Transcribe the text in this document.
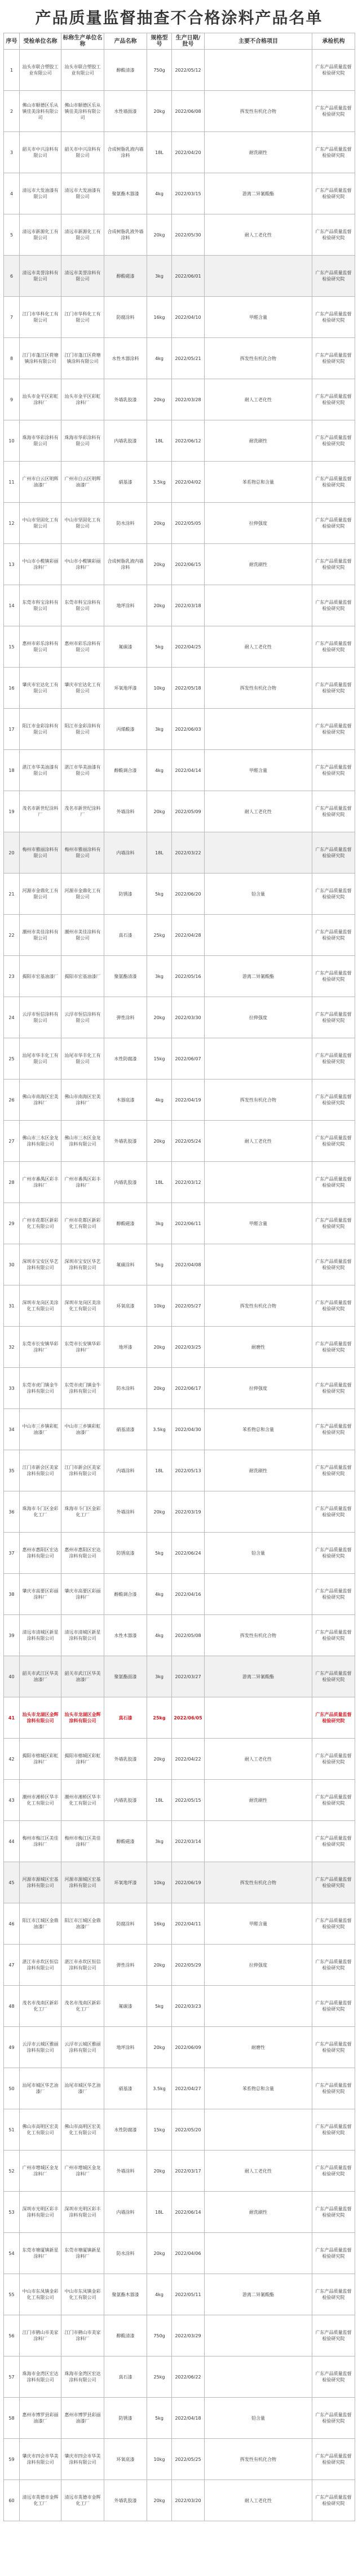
产品质量监督抽查不合格涂料产品名单
序号	受检单位名称	标称生产单位名称	产品名称	规格型号	生产日期/批号	主要不合格项目	承检机构
1	汕头市联合塑胶工业有限公司	汕头市联合塑胶工业有限公司	醇酸清漆	750g	2022/05/12		广东产品质量监督检验研究院
2	佛山市顺德区乐从镇佳美涂料有限公司	佛山市顺德区乐从镇佳美涂料有限公司	水性墙面漆	20kg	2022/06/08	挥发性有机化合物	广东产品质量监督检验研究院
3	韶关市中兴涂料有限公司	韶关市中兴涂料有限公司	合成树脂乳液内墙涂料	18L	2022/04/20	耐洗刷性	广东产品质量监督检验研究院
4	清远市大发油漆有限公司	清远市大发油漆有限公司	聚氨酯木器漆	4kg	2022/03/15	游离二异氰酸酯	广东产品质量监督检验研究院
5	清远市新源化工有限公司	清远市新源化工有限公司	合成树脂乳液外墙涂料	20kg	2022/05/30	耐人工老化性	广东产品质量监督检验研究院
6	清远市美誉涂料有限公司	清远市美誉涂料有限公司	醇酸磁漆	3kg	2022/06/01		广东产品质量监督检验研究院
7	江门市华科化工有限公司	江门市华科化工有限公司	防腐涂料	16kg	2022/04/10	甲醛含量	广东产品质量监督检验研究院
8	江门市蓬江区荷塘镇涂料有限公司	江门市蓬江区荷塘镇涂料有限公司	水性木器涂料	4kg	2022/05/21	挥发性有机化合物	广东产品质量监督检验研究院
9	汕头市金平区彩虹涂料厂	汕头市金平区彩虹涂料厂	外墙乳胶漆	20kg	2022/03/28	耐人工老化性	广东产品质量监督检验研究院
10	珠海市华彩涂料有限公司	珠海市华彩涂料有限公司	内墙乳胶漆	18L	2022/06/12	耐洗刷性	广东产品质量监督检验研究院
11	广州市白云区明辉油漆厂	广州市白云区明辉油漆厂	硝基漆	3.5kg	2022/04/02	苯系物总和含量	广东产品质量监督检验研究院
12	中山市坚固化工有限公司	中山市坚固化工有限公司	防水涂料	20kg	2022/05/05	拉伸强度	广东产品质量监督检验研究院
13	中山市小榄镇彩丽涂料厂	中山市小榄镇彩丽涂料厂	合成树脂乳液内墙涂料	20kg	2022/06/15	耐洗刷性	广东产品质量监督检验研究院
14	东莞市科宝涂料有限公司	东莞市科宝涂料有限公司	地坪涂料	20kg	2022/03/18		广东产品质量监督检验研究院
15	惠州市彩乐涂料有限公司	惠州市彩乐涂料有限公司	氟碳漆	5kg	2022/04/25	耐人工老化性	广东产品质量监督检验研究院
16	肇庆市宏达化工有限公司	肇庆市宏达化工有限公司	环氧地坪漆	10kg	2022/05/18	挥发性有机化合物	广东产品质量监督检验研究院
17	阳江市金彩涂料有限公司	阳江市金彩涂料有限公司	丙烯酸漆	3kg	2022/06/03		广东产品质量监督检验研究院
18	湛江市华美油漆有限公司	湛江市华美油漆有限公司	醇酸调合漆	4kg	2022/04/14	甲醛含量	广东产品质量监督检验研究院
19	茂名市新世纪涂料厂	茂名市新世纪涂料厂	外墙涂料	20kg	2022/05/09	耐人工老化性	广东产品质量监督检验研究院
20	梅州市雅丽涂料有限公司	梅州市雅丽涂料有限公司	内墙涂料	18L	2022/03/22		广东产品质量监督检验研究院
21	河源市金鼎化工有限公司	河源市金鼎化工有限公司	防锈漆	5kg	2022/06/20	铅含量	广东产品质量监督检验研究院
22	潮州市美佳涂料有限公司	潮州市美佳涂料有限公司	真石漆	25kg	2022/04/28		广东产品质量监督检验研究院
23	揭阳市宏基油漆厂	揭阳市宏基油漆厂	聚氨酯清漆	3kg	2022/05/16	游离二异氰酸酯	广东产品质量监督检验研究院
24	云浮市恒信涂料有限公司	云浮市恒信涂料有限公司	弹性涂料	20kg	2022/03/30	拉伸强度	广东产品质量监督检验研究院
25	汕尾市华丰化工有限公司	汕尾市华丰化工有限公司	水性防腐漆	15kg	2022/06/07		广东产品质量监督检验研究院
26	佛山市南海区宏美涂料厂	佛山市南海区宏美涂料厂	木器底漆	4kg	2022/04/19	挥发性有机化合物	广东产品质量监督检验研究院
27	佛山市三水区金龙涂料有限公司	佛山市三水区金龙涂料有限公司	外墙乳胶漆	20kg	2022/05/24	耐人工老化性	广东产品质量监督检验研究院
28	广州市番禺区彩丰涂料厂	广州市番禺区彩丰涂料厂	内墙乳胶漆	18L	2022/03/12		广东产品质量监督检验研究院
29	广州市花都区新彩化工有限公司	广州市花都区新彩化工有限公司	醇酸磁漆	3kg	2022/06/11	甲醛含量	广东产品质量监督检验研究院
30	深圳市宝安区华艺涂料有限公司	深圳市宝安区华艺涂料有限公司	氟碳涂料	5kg	2022/04/08		广东产品质量监督检验研究院
31	深圳市龙岗区美涂化工有限公司	深圳市龙岗区美涂化工有限公司	环氧底漆	10kg	2022/05/27	挥发性有机化合物	广东产品质量监督检验研究院
32	东莞市长安镇华彩涂料厂	东莞市长安镇华彩涂料厂	地坪漆	20kg	2022/03/25	耐磨性	广东产品质量监督检验研究院
33	东莞市虎门镇金牛涂料有限公司	东莞市虎门镇金牛涂料有限公司	防水涂料	20kg	2022/06/17	拉伸强度	广东产品质量监督检验研究院
34	中山市三乡镇彩虹油漆厂	中山市三乡镇彩虹油漆厂	硝基清漆	3.5kg	2022/04/30	苯系物总和含量	广东产品质量监督检验研究院
35	江门市新会区美家涂料有限公司	江门市新会区美家涂料有限公司	内墙涂料	18L	2022/05/13	耐洗刷性	广东产品质量监督检验研究院
36	珠海市斗门区金彩化工厂	珠海市斗门区金彩化工厂	外墙涂料	20kg	2022/03/19		广东产品质量监督检验研究院
37	惠州市惠阳区宏达涂料有限公司	惠州市惠阳区宏达涂料有限公司	防锈底漆	5kg	2022/06/24	铅含量	广东产品质量监督检验研究院
38	肇庆市高要区彩丽涂料厂	肇庆市高要区彩丽涂料厂	醇酸调合漆	4kg	2022/04/16		广东产品质量监督检验研究院
39	清远市清城区新星涂料有限公司	清远市清城区新星涂料有限公司	水性木器漆	4kg	2022/05/08	挥发性有机化合物	广东产品质量监督检验研究院
40	韶关市武江区华美油漆厂	韶关市武江区华美油漆厂	聚氨酯面漆	3kg	2022/03/27	游离二异氰酸酯	广东产品质量监督检验研究院
41	汕头市龙湖区金辉涂料有限公司	汕头市龙湖区金辉涂料有限公司	真石漆	25kg	2022/06/05		广东产品质量监督检验研究院
42	揭阳市榕城区彩虹涂料厂	揭阳市榕城区彩虹涂料厂	外墙乳胶漆	20kg	2022/04/22	耐人工老化性	广东产品质量监督检验研究院
43	潮州市湘桥区华丰化工有限公司	潮州市湘桥区华丰化工有限公司	内墙乳胶漆	18L	2022/05/15	耐洗刷性	广东产品质量监督检验研究院
44	梅州市梅江区美佳涂料厂	梅州市梅江区美佳涂料厂	醇酸磁漆	3kg	2022/03/14		广东产品质量监督检验研究院
45	河源市源城区宏基涂料有限公司	河源市源城区宏基涂料有限公司	环氧地坪漆	10kg	2022/06/19	挥发性有机化合物	广东产品质量监督检验研究院
46	阳江市江城区金鼎油漆厂	阳江市江城区金鼎油漆厂	防腐涂料	16kg	2022/04/11	甲醛含量	广东产品质量监督检验研究院
47	湛江市赤坎区恒信涂料有限公司	湛江市赤坎区恒信涂料有限公司	弹性涂料	20kg	2022/05/29	拉伸强度	广东产品质量监督检验研究院
48	茂名市茂南区新彩化工厂	茂名市茂南区新彩化工厂	氟碳漆	5kg	2022/03/23		广东产品质量监督检验研究院
49	云浮市云城区雅丽涂料有限公司	云浮市云城区雅丽涂料有限公司	地坪涂料	20kg	2022/06/09	耐磨性	广东产品质量监督检验研究院
50	汕尾市城区华艺油漆厂	汕尾市城区华艺油漆厂	硝基漆	3.5kg	2022/04/27	苯系物总和含量	广东产品质量监督检验研究院
51	佛山市高明区宏美化工有限公司	佛山市高明区宏美化工有限公司	水性防腐漆	15kg	2022/05/20		广东产品质量监督检验研究院
52	广州市增城区金龙涂料厂	广州市增城区金龙涂料厂	外墙涂料	20kg	2022/03/17	耐人工老化性	广东产品质量监督检验研究院
53	深圳市光明区彩丰涂料有限公司	深圳市光明区彩丰涂料有限公司	内墙涂料	18L	2022/06/14	耐洗刷性	广东产品质量监督检验研究院
54	东莞市塘厦镇新星涂料厂	东莞市塘厦镇新星涂料厂	防水涂料	20kg	2022/04/06		广东产品质量监督检验研究院
55	中山市东凤镇金彩化工有限公司	中山市东凤镇金彩化工有限公司	聚氨酯木器漆	4kg	2022/05/11	游离二异氰酸酯	广东产品质量监督检验研究院
56	江门市鹤山市美家涂料厂	江门市鹤山市美家涂料厂	醇酸清漆	750g	2022/03/29		广东产品质量监督检验研究院
57	珠海市金湾区宏达涂料有限公司	珠海市金湾区宏达涂料有限公司	真石漆	25kg	2022/06/22		广东产品质量监督检验研究院
58	惠州市博罗县彩丽油漆厂	惠州市博罗县彩丽油漆厂	防锈漆	5kg	2022/04/18	铅含量	广东产品质量监督检验研究院
59	肇庆市四会市华美涂料有限公司	肇庆市四会市华美涂料有限公司	环氧底漆	10kg	2022/05/25	挥发性有机化合物	广东产品质量监督检验研究院
60	清远市英德市金辉化工厂	清远市英德市金辉化工厂	外墙乳胶漆	20kg	2022/03/20	耐人工老化性	广东产品质量监督检验研究院
